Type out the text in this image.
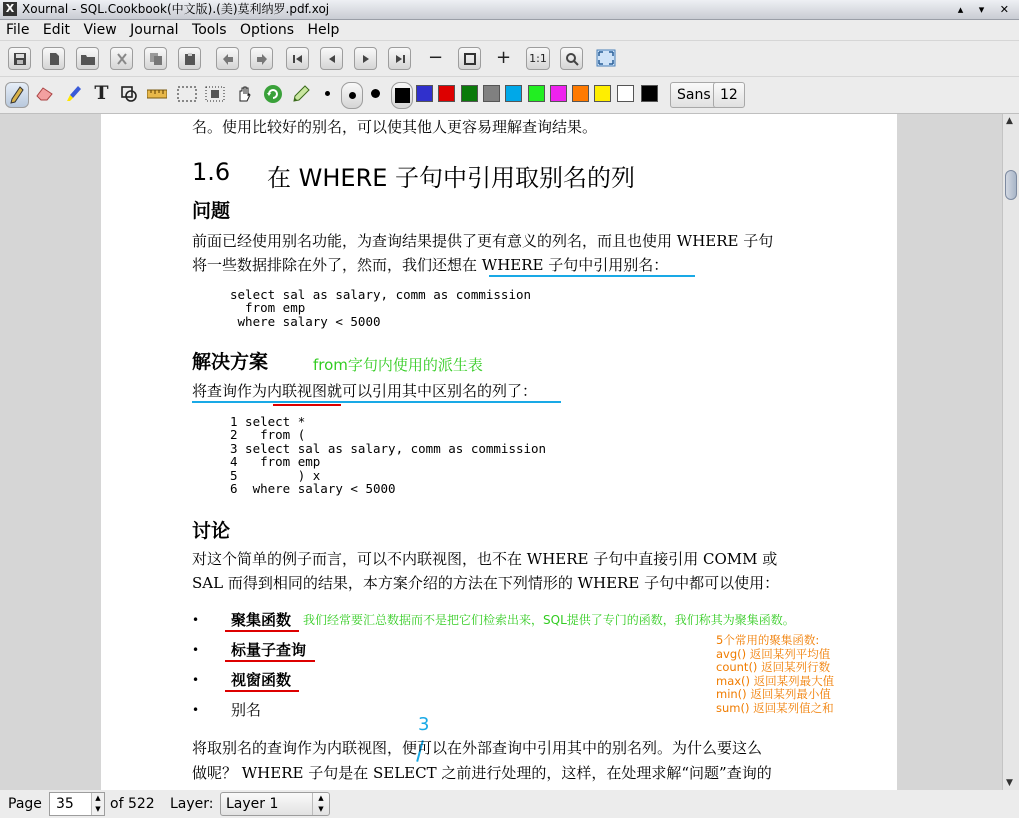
X Xournal - SQL.Cookbook(中文版).(美)莫利纳罗.pdf.xoj	▴ ▾ ✕
File Edit View Journal Tools Options Help
−	+	1:1
T	Sans 12
名。使用比较好的别名，可以使其他人更容易理解查询结果。
1.6 在 WHERE 子句中引用取别名的列
问题
前面已经使用别名功能，为查询结果提供了更有意义的列名，而且也使用 WHERE 子句
将一些数据排除在外了，然而，我们还想在 WHERE 子句中引用别名：
select sal as salary, comm as commission
from emp
where salary < 5000
解决方案	from字句内使用的派生表
将查询作为内联视图就可以引用其中区别名的列了：
1 select *
2   from (
3 select sal as salary, comm as commission
4   from emp
5        ) x
6  where salary < 5000
讨论
对这个简单的例子而言，可以不内联视图，也不在 WHERE 子句中直接引用 COMM 或
SAL 而得到相同的结果，本方案介绍的方法在下列情形的 WHERE 子句中都可以使用：
• 聚集函数 我们经常要汇总数据而不是把它们检索出来，SQL提供了专门的函数，我们称其为聚集函数。
• 标量子查询
• 视窗函数
• 别名
5个常用的聚集函数:
avg() 返回某列平均值
count() 返回某列行数
max() 返回某列最大值
min() 返回某列最小值
sum() 返回某列值之和
3
将取别名的查询作为内联视图，便可以在外部查询中引用其中的别名列。为什么要这么
做呢？ WHERE 子句是在 SELECT 之前进行处理的，这样，在处理求解“问题”查询的
▲
▼
Page	35	▲
▼ of 522 Layer: Layer 1	▲
▼
